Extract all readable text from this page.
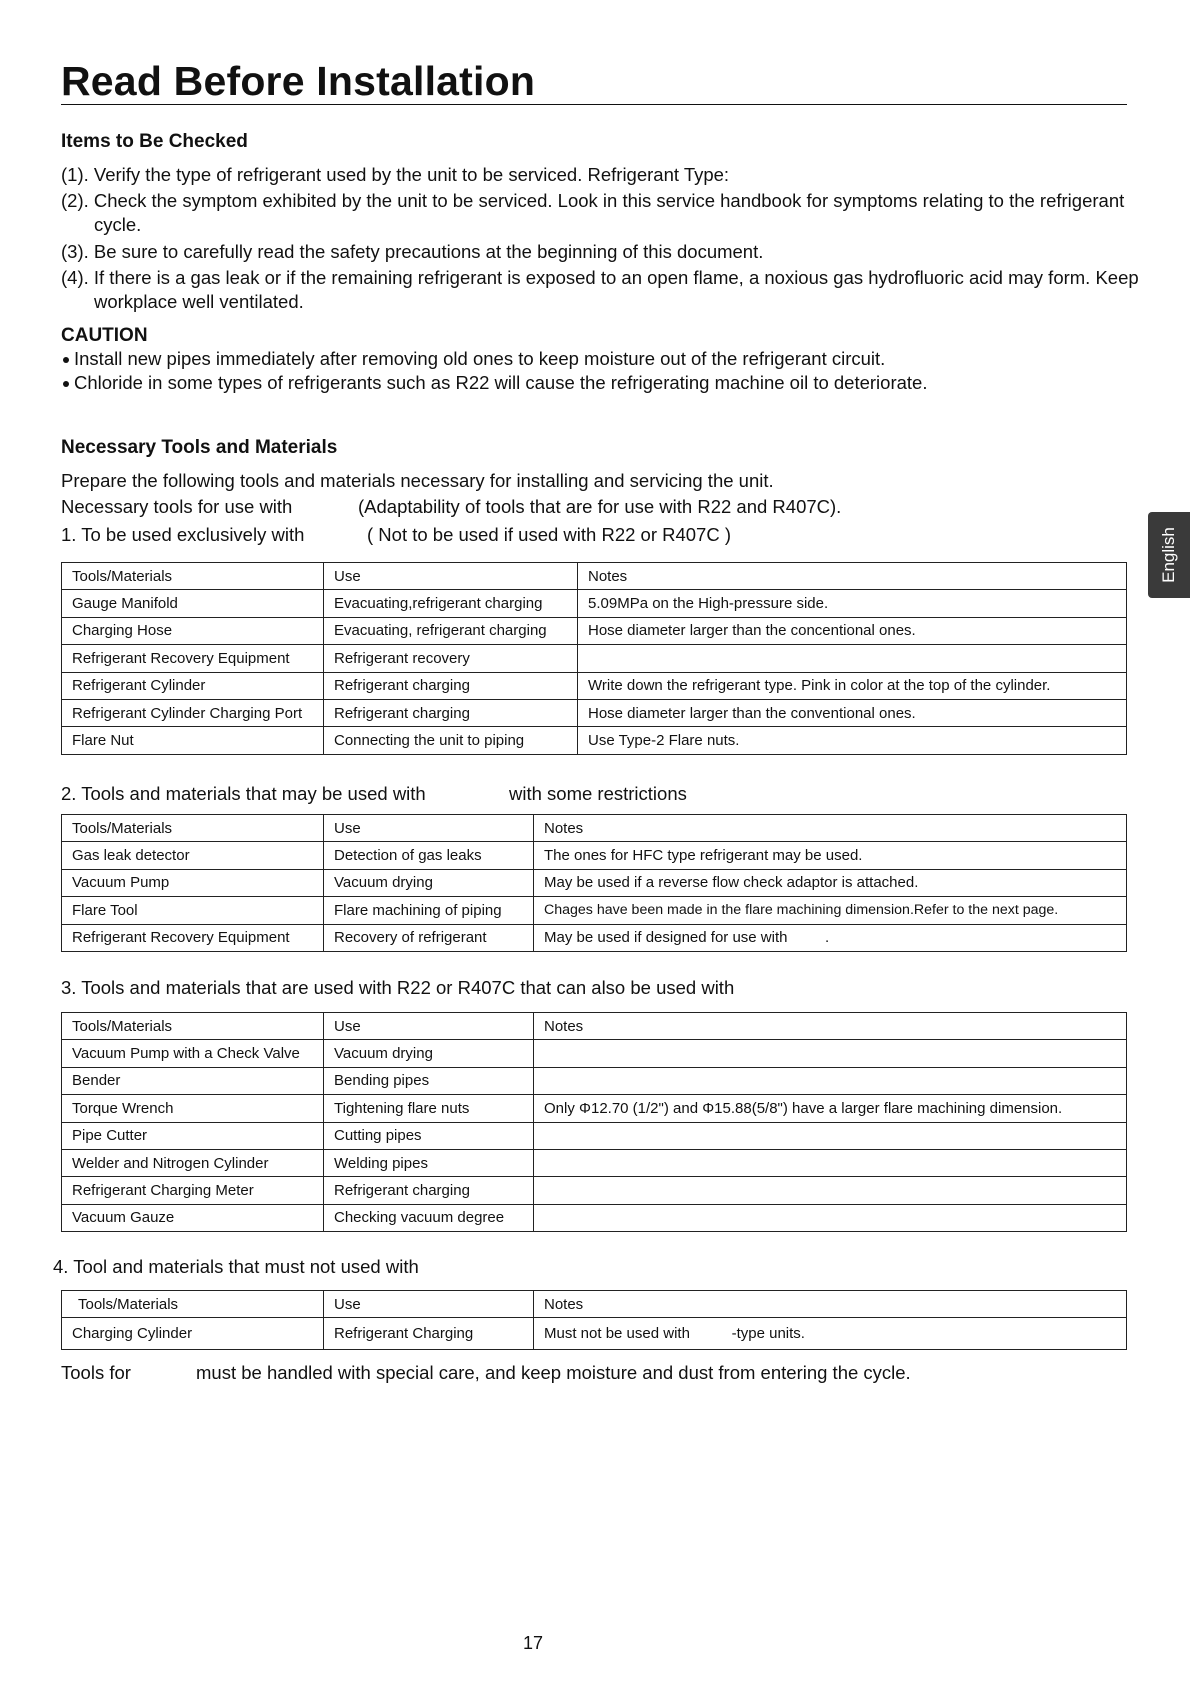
Read Before Installation
Items to Be Checked

(1). Verify the type of refrigerant used by the unit to be serviced. Refrigerant Type:

(2). Check the symptom exhibited by the unit to be serviced. Look in this service handbook for symptoms relating to the refrigerant cycle.

(3). Be sure to carefully read the safety precautions at the beginning of this document.

(4). If there is a gas leak or if the remaining refrigerant is exposed to an open flame, a noxious gas hydrofluoric acid may form. Keep workplace well ventilated.

CAUTION

Install new pipes immediately after removing old ones to keep moisture out of the refrigerant circuit.

Chloride in some types of refrigerants such as R22 will cause the refrigerating machine oil to deteriorate.

Necessary Tools and Materials

Prepare the following tools and materials necessary for installing and servicing the unit.

Necessary tools for use with	(Adaptability of tools that are for use with R22 and R407C).

1. To be used exclusively with	( Not to be used if used with R22 or R407C )

Tools/Materials	Use	Notes
Gauge Manifold	Evacuating,refrigerant charging	5.09MPa on the High-pressure side.
Charging Hose	Evacuating, refrigerant charging	Hose diameter larger than the concentional ones.
Refrigerant Recovery Equipment	Refrigerant recovery	
Refrigerant Cylinder	Refrigerant charging	Write down the refrigerant type. Pink in color at the top of the cylinder.
Refrigerant Cylinder Charging Port	Refrigerant charging	Hose diameter larger than the conventional ones.
Flare Nut	Connecting the unit to piping	Use Type-2 Flare nuts.

2. Tools and materials that may be used with	with some restrictions

Tools/Materials	Use	Notes
Gas leak detector	Detection of gas leaks	The ones for HFC type refrigerant may be used.
Vacuum Pump	Vacuum drying	May be used if a reverse flow check adaptor is attached.
Flare Tool	Flare machining of piping	Chages have been made in the flare machining dimension.Refer to the next page.
Refrigerant Recovery Equipment	Recovery of refrigerant	May be used if designed for use with         .

3. Tools and materials that are used with R22 or R407C that can also be used with

Tools/Materials	Use	Notes
Vacuum Pump with a Check Valve	Vacuum drying	
Bender	Bending pipes	
Torque Wrench	Tightening flare nuts	Only Φ12.70 (1/2") and Φ15.88(5/8") have a larger flare machining dimension.
Pipe Cutter	Cutting pipes	
Welder and Nitrogen Cylinder	Welding pipes	
Refrigerant Charging Meter	Refrigerant charging	
Vacuum Gauze	Checking vacuum degree	

4. Tool and materials that must not used with

Tools/Materials	Use	Notes
Charging Cylinder	Refrigerant Charging	Must not be used with          -type units.

Tools for	must be handled with special care, and keep moisture and dust from entering the cycle.

English
17
